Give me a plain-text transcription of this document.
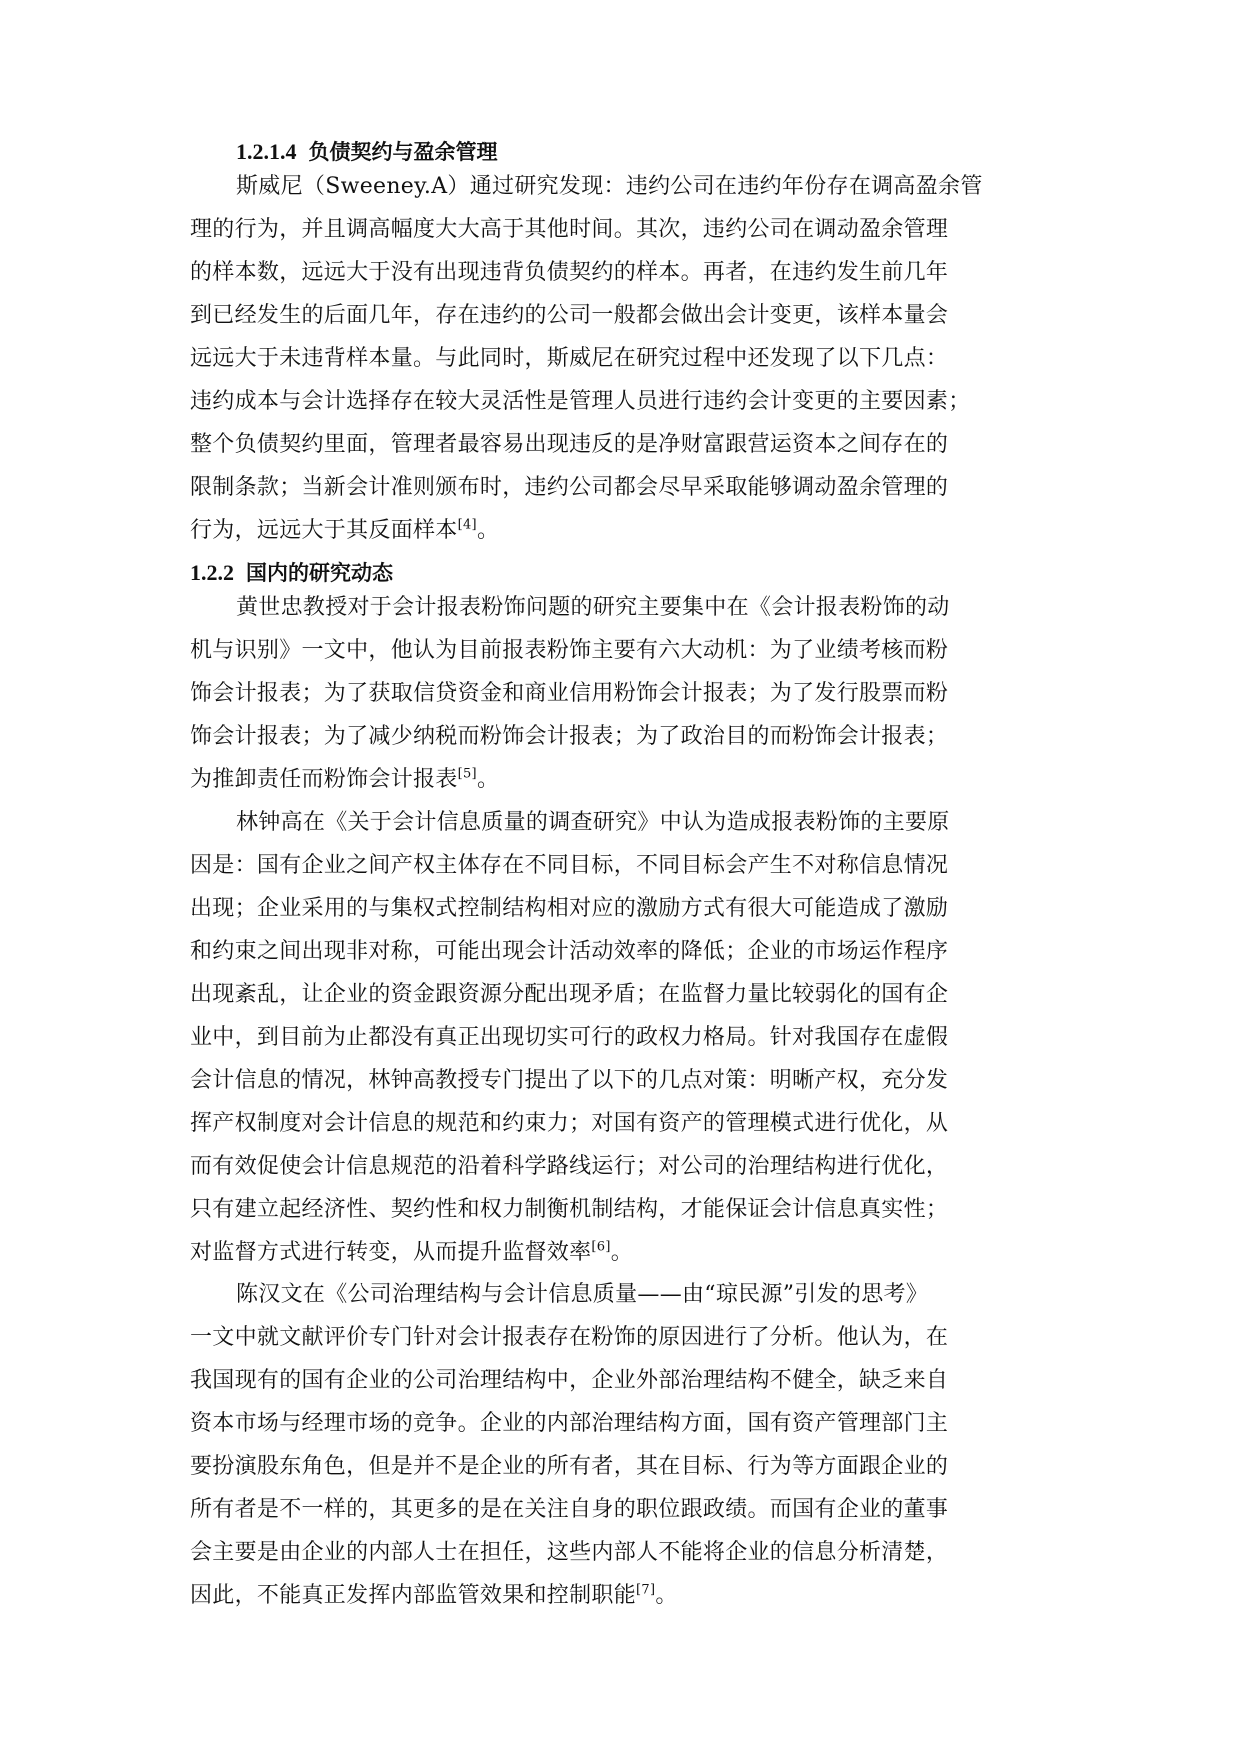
1.2.1.4 负债契约与盈余管理
斯威尼（Sweeney.A）通过研究发现：违约公司在违约年份存在调高盈余管
理的行为，并且调高幅度大大高于其他时间。其次，违约公司在调动盈余管理
的样本数，远远大于没有出现违背负债契约的样本。再者，在违约发生前几年
到已经发生的后面几年，存在违约的公司一般都会做出会计变更，该样本量会
远远大于未违背样本量。与此同时，斯威尼在研究过程中还发现了以下几点：
违约成本与会计选择存在较大灵活性是管理人员进行违约会计变更的主要因素；
整个负债契约里面，管理者最容易出现违反的是净财富跟营运资本之间存在的
限制条款；当新会计准则颁布时，违约公司都会尽早采取能够调动盈余管理的
行为，远远大于其反面样本[4]。
1.2.2 国内的研究动态
黄世忠教授对于会计报表粉饰问题的研究主要集中在《会计报表粉饰的动
机与识别》一文中，他认为目前报表粉饰主要有六大动机：为了业绩考核而粉
饰会计报表；为了获取信贷资金和商业信用粉饰会计报表；为了发行股票而粉
饰会计报表；为了减少纳税而粉饰会计报表；为了政治目的而粉饰会计报表；
为推卸责任而粉饰会计报表[5]。
林钟高在《关于会计信息质量的调查研究》中认为造成报表粉饰的主要原
因是：国有企业之间产权主体存在不同目标，不同目标会产生不对称信息情况
出现；企业采用的与集权式控制结构相对应的激励方式有很大可能造成了激励
和约束之间出现非对称，可能出现会计活动效率的降低；企业的市场运作程序
出现紊乱，让企业的资金跟资源分配出现矛盾；在监督力量比较弱化的国有企
业中，到目前为止都没有真正出现切实可行的政权力格局。针对我国存在虚假
会计信息的情况，林钟高教授专门提出了以下的几点对策：明晰产权，充分发
挥产权制度对会计信息的规范和约束力；对国有资产的管理模式进行优化，从
而有效促使会计信息规范的沿着科学路线运行；对公司的治理结构进行优化，
只有建立起经济性、契约性和权力制衡机制结构，才能保证会计信息真实性；
对监督方式进行转变，从而提升监督效率[6]。
陈汉文在《公司治理结构与会计信息质量——由“琼民源”引发的思考》
一文中就文献评价专门针对会计报表存在粉饰的原因进行了分析。他认为，在
我国现有的国有企业的公司治理结构中，企业外部治理结构不健全，缺乏来自
资本市场与经理市场的竞争。企业的内部治理结构方面，国有资产管理部门主
要扮演股东角色，但是并不是企业的所有者，其在目标、行为等方面跟企业的
所有者是不一样的，其更多的是在关注自身的职位跟政绩。而国有企业的董事
会主要是由企业的内部人士在担任，这些内部人不能将企业的信息分析清楚，
因此，不能真正发挥内部监管效果和控制职能[7]。
